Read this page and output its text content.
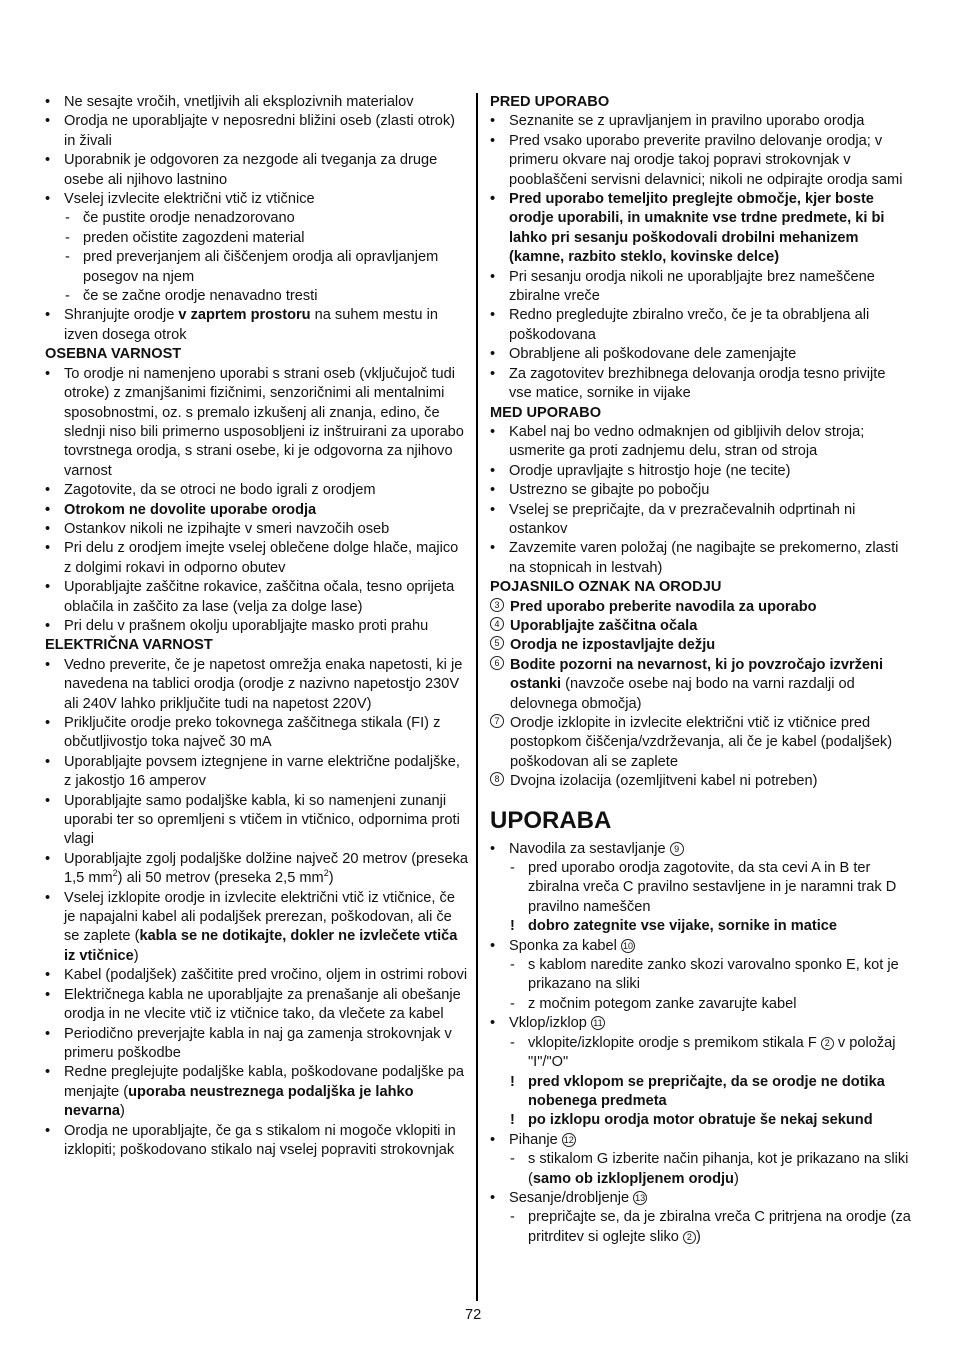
• Ne sesajte vročih, vnetljivih ali eksplozivnih materialov
• Orodja ne uporabljajte v neposredni bližini oseb (zlasti otrok) in živali
• Uporabnik je odgovoren za nezgode ali tveganja za druge osebe ali njihovo lastnino
• Vselej izvlecite električni vtič iz vtičnice
- če pustite orodje nenadzorovano
- preden očistite zagozdeni material
- pred preverjanjem ali čiščenjem orodja ali opravljanjem posegov na njem
- če se začne orodje nenavadno tresti
• Shranjujte orodje v zaprtem prostoru na suhem mestu in izven dosega otrok
OSEBNA VARNOST
• To orodje ni namenjeno uporabi s strani oseb (vključujoč tudi otroke) z zmanjšanimi fizičnimi, senzoričnimi ali mentalnimi sposobnostmi, oz. s premalo izkušenj ali znanja, edino, če slednji niso bili primerno usposobljeni iz inštruirani za uporabo tovrstnega orodja, s strani osebe, ki je odgovorna za njihovo varnost
• Zagotovite, da se otroci ne bodo igrali z orodjem
• Otrokom ne dovolite uporabe orodja
• Ostankov nikoli ne izpihajte v smeri navzočih oseb
• Pri delu z orodjem imejte vselej oblečene dolge hlače, majico z dolgimi rokavi in odporno obutev
• Uporabljajte zaščitne rokavice, zaščitna očala, tesno oprijeta oblačila in zaščito za lase (velja za dolge lase)
• Pri delu v prašnem okolju uporabljajte masko proti prahu
ELEKTRIČNA VARNOST
• Vedno preverite, če je napetost omrežja enaka napetosti, ki je navedena na tablici orodja (orodje z nazivno napetostjo 230V ali 240V lahko priključite tudi na napetost 220V)
• Priključite orodje preko tokovnega zaščitnega stikala (FI) z občutljivostjo toka največ 30 mA
• Uporabljajte povsem iztegnjene in varne električne podaljške, z jakostjo 16 amperov
• Uporabljajte samo podaljške kabla, ki so namenjeni zunanji uporabi ter so opremljeni s vtičem in vtičnico, odpornima proti vlagi
• Uporabljajte zgolj podaljške dolžine največ 20 metrov (preseka 1,5 $mm^2$) ali 50 metrov (preseka 2,5 $mm^2$)
• Vselej izklopite orodje in izvlecite električni vtič iz vtičnice, če je napajalni kabel ali podaljšek prerezan, poškodovan, ali če se zaplete (kabla se ne dotikajte, dokler ne izvlečete vtiča iz vtičnice)
• Kabel (podaljšek) zaščitite pred vročino, oljem in ostrimi robovi
• Električnega kabla ne uporabljajte za prenašanje ali obešanje orodja in ne vlecite vtič iz vtičnice tako, da vlečete za kabel
• Periodično preverjajte kabla in naj ga zamenja strokovnjak v primeru poškodbe
• Redne preglejujte podaljške kabla, poškodovane podaljške pa menjajte (uporaba neustreznega podaljška je lahko nevarna)
• Orodja ne uporabljajte, če ga s stikalom ni mogoče vklopiti in izklopiti; poškodovano stikalo naj vselej popraviti strokovnjak
PRED UPORABO
• Seznanite se z upravljanjem in pravilno uporabo orodja
• Pred vsako uporabo preverite pravilno delovanje orodja; v primeru okvare naj orodje takoj popravi strokovnjak v pooblaščeni servisni delavnici; nikoli ne odpirajte orodja sami
• Pred uporabo temeljito preglejte območje, kjer boste orodje uporabili, in umaknite vse trdne predmete, ki bi lahko pri sesanju poškodovali drobilni mehanizem (kamne, razbito steklo, kovinske delce)
• Pri sesanju orodja nikoli ne uporabljajte brez nameščene zbiralne vreče
• Redno pregledujte zbiralno vrečo, če je ta obrabljena ali poškodovana
• Obrabljene ali poškodovane dele zamenjajte
• Za zagotovitev brezhibnega delovanja orodja tesno privijte vse matice, sornike in vijake
MED UPORABO
• Kabel naj bo vedno odmaknjen od gibljivih delov stroja; usmerite ga proti zadnjemu delu, stran od stroja
• Orodje upravljajte s hitrostjo hoje (ne tecite)
• Ustrezno se gibajte po pobočju
• Vselej se prepričajte, da v prezračevalnih odprtinah ni ostankov
• Zavzemite varen položaj (ne nagibajte se prekomerno, zlasti na stopnicah in lestvah)
POJASNILO OZNAK NA ORODJU
3 Pred uporabo preberite navodila za uporabo
4 Uporabljajte zaščitna očala
5 Orodja ne izpostavljajte dežju
6 Bodite pozorni na nevarnost, ki jo povzročajo izvrženi ostanki (navzoče osebe naj bodo na varni razdalji od delovnega območja)
7 Orodje izklopite in izvlecite električni vtič iz vtičnice pred postopkom čiščenja/vzdrževanja, ali če je kabel (podaljšek) poškodovan ali se zaplete
8 Dvojna izolacija (ozemljitveni kabel ni potreben)
UPORABA
• Navodila za sestavljanje 9
- pred uporabo orodja zagotovite, da sta cevi A in B ter zbiralna vreča C pravilno sestavljene in je naramni trak D pravilno nameščen
! dobro zategnite vse vijake, sornike in matice
• Sponka za kabel 10
- s kablom naredite zanko skozi varovalno sponko E, kot je prikazano na sliki
- z močnim potegom zanke zavarujte kabel
• Vklop/izklop 11
- vklopite/izklopite orodje s premikom stikala F 2 v položaj "I"/"O"
! pred vklopom se prepričajte, da se orodje ne dotika nobenega predmeta
! po izklopu orodja motor obratuje še nekaj sekund
• Pihanje 12
- s stikalom G izberite način pihanja, kot je prikazano na sliki (samo ob izklopljenem orodju)
• Sesanje/drobljenje 13
- prepričajte se, da je zbiralna vreča C pritrjena na orodje (za pritrditev si oglejte sliko 2 )
72
